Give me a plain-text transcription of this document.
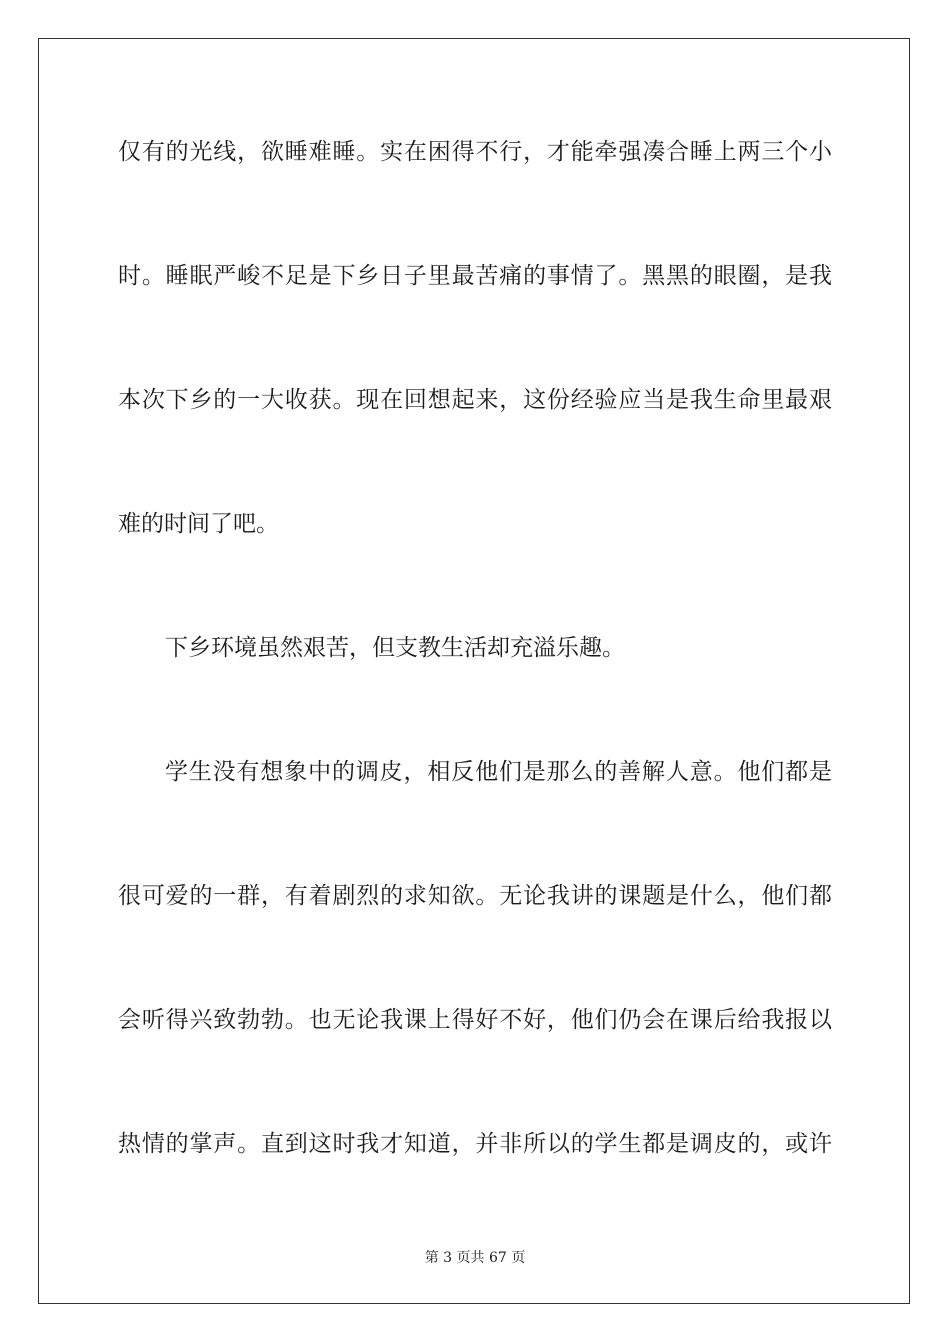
仅有的光线，欲睡难睡。实在困得不行，才能牵强凑合睡上两三个小
时。睡眠严峻不足是下乡日子里最苦痛的事情了。黑黑的眼圈，是我
本次下乡的一大收获。现在回想起来，这份经验应当是我生命里最艰
难的时间了吧。
下乡环境虽然艰苦，但支教生活却充溢乐趣。
学生没有想象中的调皮，相反他们是那么的善解人意。他们都是
很可爱的一群，有着剧烈的求知欲。无论我讲的课题是什么，他们都
会听得兴致勃勃。也无论我课上得好不好，他们仍会在课后给我报以
热情的掌声。直到这时我才知道，并非所以的学生都是调皮的，或许
第 3 页共 67 页
